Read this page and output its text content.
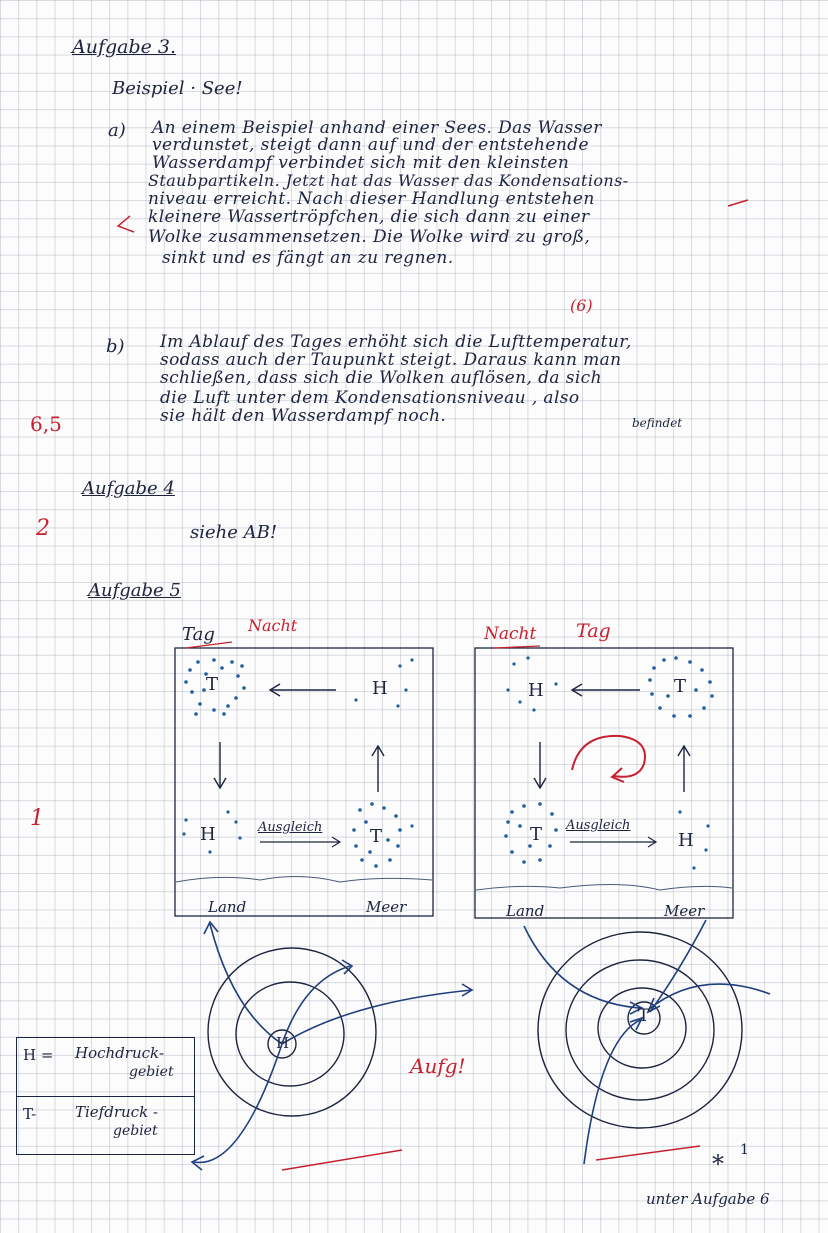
Aufgabe 3.
Beispiel · See!
a) An einem Beispiel anhand einer Sees. Das Wasser
verdunstet, steigt dann auf und der entstehende
Wasserdampf verbindet sich mit den kleinsten
Staubpartikeln. Jetzt hat das Wasser das Kondensations-
niveau erreicht. Nach dieser Handlung entstehen
kleinere Wassertröpfchen, die sich dann zu einer
Wolke zusammensetzen. Die Wolke wird zu groß,
sinkt und es fängt an zu regnen.
(6)
b) Im Ablauf des Tages erhöht sich die Lufttemperatur,
sodass auch der Taupunkt steigt. Daraus kann man
schließen, dass sich die Wolken auflösen, da sich
die Luft unter dem Kondensationsniveau , also
sie hält den Wasserdampf noch.	befindet
6,5
Aufgabe 4
2	siehe AB!
Aufgabe 5
1
Tag Nacht	Nacht Tag
T	H
H	T
Ausgleich
Land	Meer
H	T
T	H
Ausgleich
Land	Meer
H
T
H = Hochdruck-
gebiet
T-	Tiefdruck -
gebiet
Aufg!
* 1
unter Aufgabe 6
